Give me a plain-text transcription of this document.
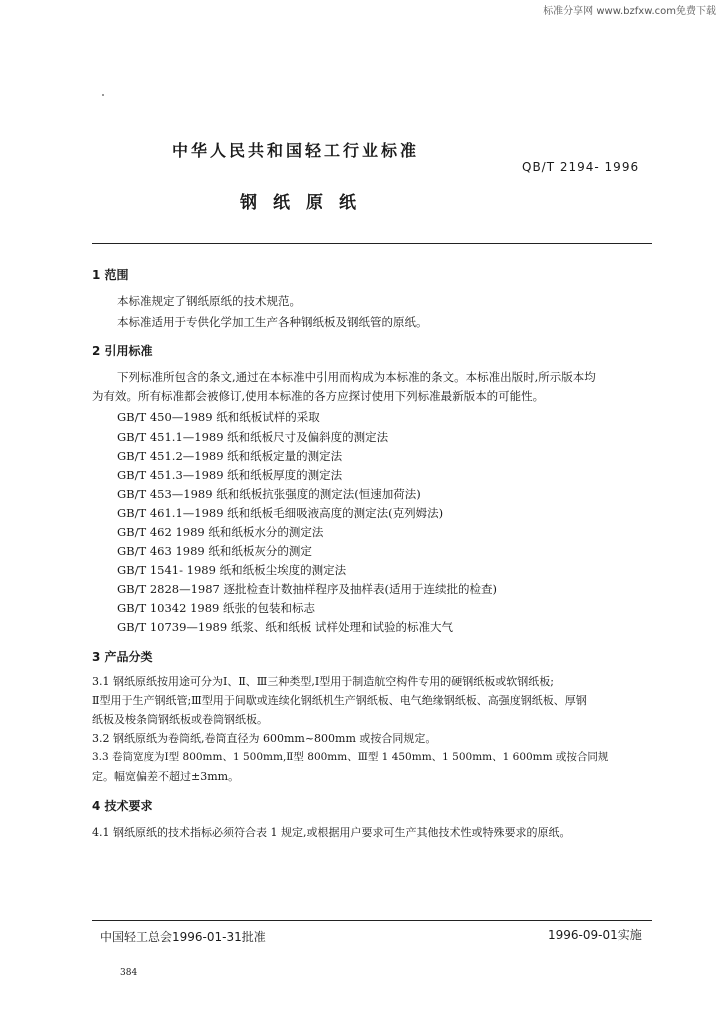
标准分享网 www.bzfxw.com免费下载
中华人民共和国轻工行业标准
QB/T 2194- 1996
钢纸原纸
1 范围
本标准规定了钢纸原纸的技术规范。
本标准适用于专供化学加工生产各种钢纸板及钢纸管的原纸。
2 引用标准
下列标准所包含的条文,通过在本标准中引用而构成为本标准的条文。本标准出版时,所示版本均
为有效。所有标准都会被修订,使用本标准的各方应探讨使用下列标准最新版本的可能性。
GB/T 450—1989 纸和纸板试样的采取
GB/T 451.1—1989 纸和纸板尺寸及偏斜度的测定法
GB/T 451.2—1989 纸和纸板定量的测定法
GB/T 451.3—1989 纸和纸板厚度的测定法
GB/T 453—1989 纸和纸板抗张强度的测定法(恒速加荷法)
GB/T 461.1—1989 纸和纸板毛细吸液高度的测定法(克列姆法)
GB/T 462 1989 纸和纸板水分的测定法
GB/T 463 1989 纸和纸板灰分的测定
GB/T 1541- 1989 纸和纸板尘埃度的测定法
GB/T 2828—1987 逐批检查计数抽样程序及抽样表(适用于连续批的检查)
GB/T 10342 1989 纸张的包装和标志
GB/T 10739—1989 纸浆、纸和纸板 试样处理和试验的标准大气
3 产品分类
3.1 钢纸原纸按用途可分为Ⅰ、Ⅱ、Ⅲ三种类型,Ⅰ型用于制造航空构件专用的硬钢纸板或软钢纸板;
Ⅱ型用于生产钢纸管;Ⅲ型用于间歇或连续化钢纸机生产钢纸板、电气绝缘钢纸板、高强度钢纸板、厚钢
纸板及梭条筒钢纸板或卷筒钢纸板。
3.2 钢纸原纸为卷筒纸,卷筒直径为 600mm~800mm 或按合同规定。
3.3 卷筒宽度为Ⅰ型 800mm、1 500mm,Ⅱ型 800mm、Ⅲ型 1 450mm、1 500mm、1 600mm 或按合同规
定。幅宽偏差不超过±3mm。
4 技术要求
4.1 钢纸原纸的技术指标必须符合表 1 规定,或根据用户要求可生产其他技术性或特殊要求的原纸。
中国轻工总会1996-01-31批准	1996-09-01实施
384
